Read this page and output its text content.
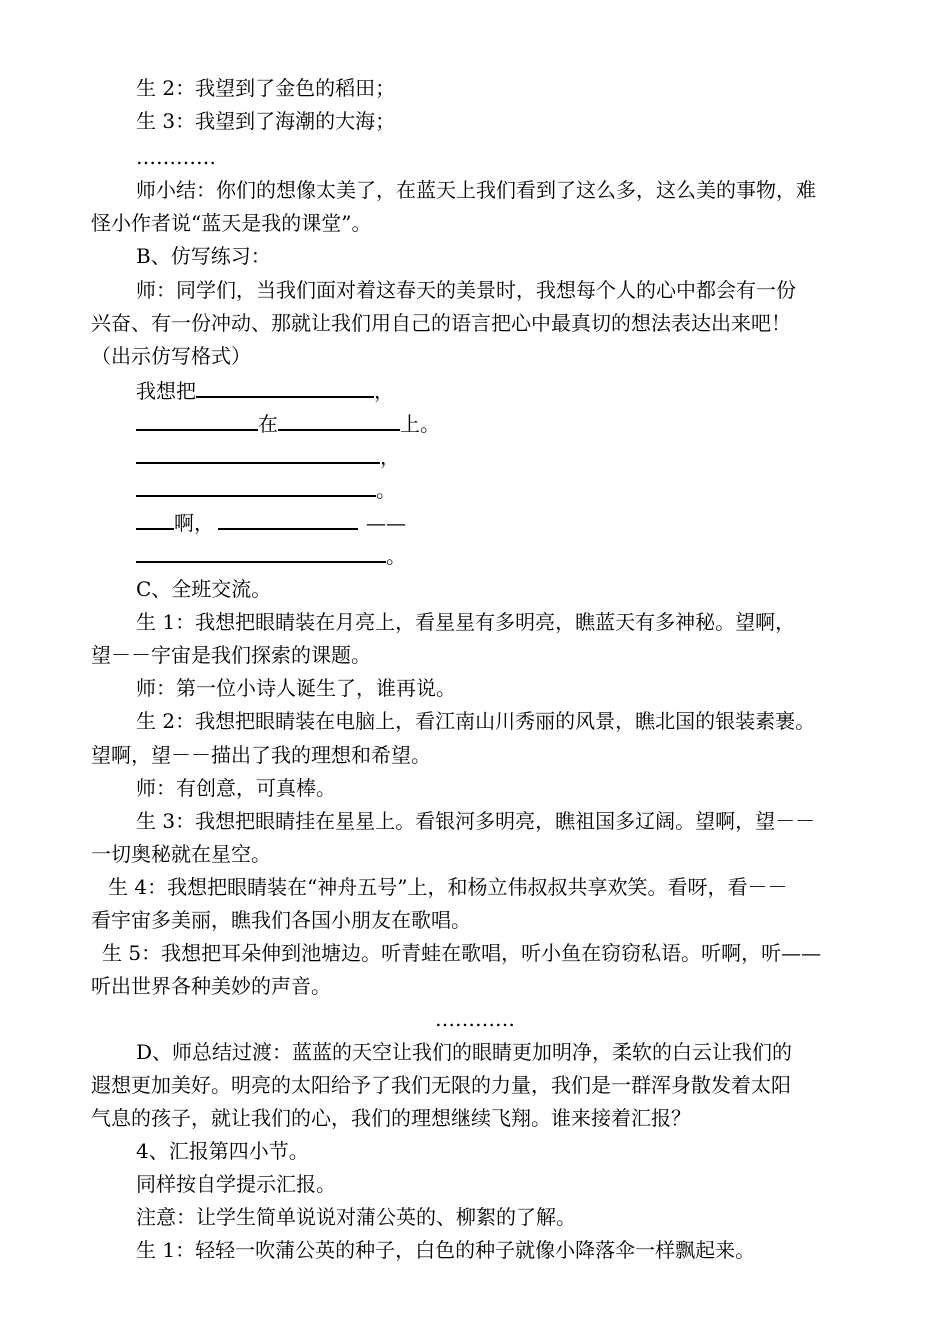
生 2：我望到了金色的稻田；
生 3：我望到了海潮的大海；
…………
师小结：你们的想像太美了，在蓝天上我们看到了这么多，这么美的事物，难
怪小作者说“蓝天是我的课堂”。
B、仿写练习：
师：同学们，当我们面对着这春天的美景时，我想每个人的心中都会有一份
兴奋、有一份冲动、那就让我们用自己的语言把心中最真切的想法表达出来吧！
（出示仿写格式）
我想把	，
在	上。
，
。
啊，	——
。
C、全班交流。
生 1：我想把眼睛装在月亮上，看星星有多明亮，瞧蓝天有多神秘。望啊，
望－－宇宙是我们探索的课题。
师：第一位小诗人诞生了，谁再说。
生 2：我想把眼睛装在电脑上，看江南山川秀丽的风景，瞧北国的银装素裹。
望啊，望－－描出了我的理想和希望。
师：有创意，可真棒。
生 3：我想把眼睛挂在星星上。看银河多明亮，瞧祖国多辽阔。望啊，望－－
一切奥秘就在星空。
生 4：我想把眼睛装在“神舟五号”上，和杨立伟叔叔共享欢笑。看呀，看－－
看宇宙多美丽，瞧我们各国小朋友在歌唱。
生 5：我想把耳朵伸到池塘边。听青蛙在歌唱，听小鱼在窃窃私语。听啊，听——
听出世界各种美妙的声音。
…………
D、师总结过渡：蓝蓝的天空让我们的眼睛更加明净，柔软的白云让我们的
遐想更加美好。明亮的太阳给予了我们无限的力量，我们是一群浑身散发着太阳
气息的孩子，就让我们的心，我们的理想继续飞翔。谁来接着汇报？
4、汇报第四小节。
同样按自学提示汇报。
注意：让学生简单说说对蒲公英的、柳絮的了解。
生 1：轻轻一吹蒲公英的种子，白色的种子就像小降落伞一样飘起来。
